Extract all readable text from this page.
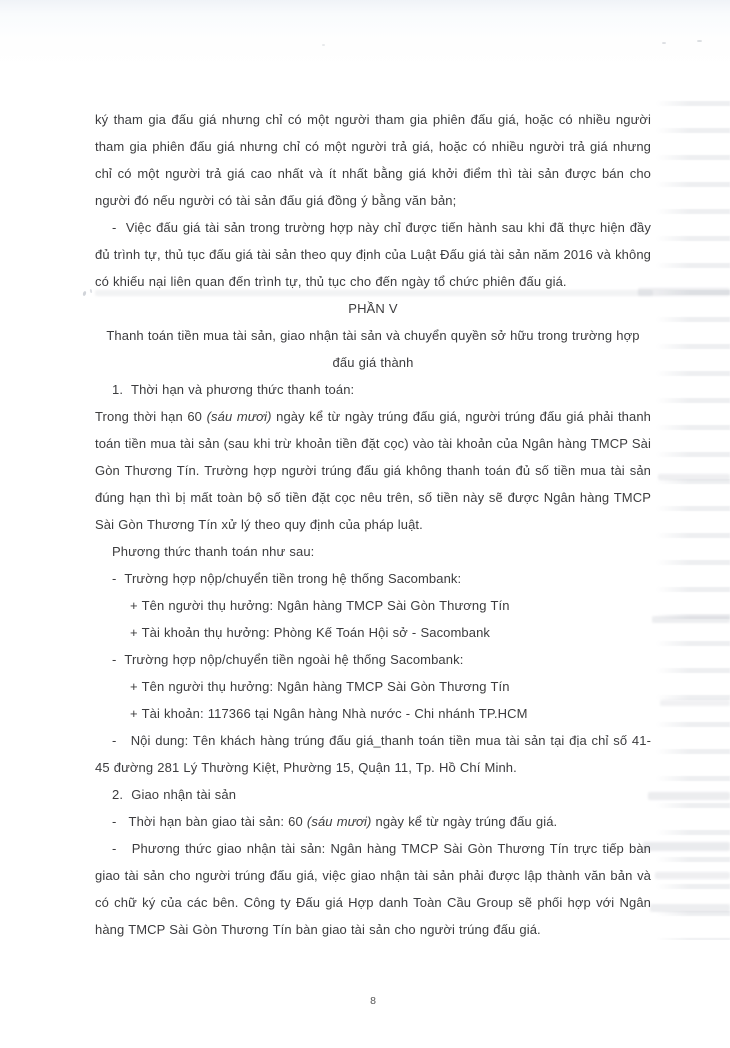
ký tham gia đấu giá nhưng chỉ có một người tham gia phiên đấu giá, hoặc có nhiều người tham gia phiên đấu giá nhưng chỉ có một người trả giá, hoặc có nhiều người trả giá nhưng chỉ có một người trả giá cao nhất và ít nhất bằng giá khởi điểm thì tài sản được bán cho người đó nếu người có tài sản đấu giá đồng ý bằng văn bản;

-  Việc đấu giá tài sản trong trường hợp này chỉ được tiến hành sau khi đã thực hiện đầy đủ trình tự, thủ tục đấu giá tài sản theo quy định của Luật Đấu giá tài sản năm 2016 và không có khiếu nại liên quan đến trình tự, thủ tục cho đến ngày tổ chức phiên đấu giá.

PHẦN V

Thanh toán tiền mua tài sản, giao nhận tài sản và chuyển quyền sở hữu trong trường hợp

đấu giá thành

1.  Thời hạn và phương thức thanh toán:

Trong thời hạn 60 (sáu mươi) ngày kể từ ngày trúng đấu giá, người trúng đấu giá phải thanh toán tiền mua tài sản (sau khi trừ khoản tiền đặt cọc) vào tài khoản của Ngân hàng TMCP Sài Gòn Thương Tín. Trường hợp người trúng đấu giá không thanh toán đủ số tiền mua tài sản đúng hạn thì bị mất toàn bộ số tiền đặt cọc nêu trên, số tiền này sẽ được Ngân hàng TMCP Sài Gòn Thương Tín xử lý theo quy định của pháp luật.

Phương thức thanh toán như sau:

-  Trường hợp nộp/chuyển tiền trong hệ thống Sacombank:

+ Tên người thụ hưởng: Ngân hàng TMCP Sài Gòn Thương Tín

+ Tài khoản thụ hưởng: Phòng Kế Toán Hội sở - Sacombank

-  Trường hợp nộp/chuyển tiền ngoài hệ thống Sacombank:

+ Tên người thụ hưởng: Ngân hàng TMCP Sài Gòn Thương Tín

+ Tài khoản: 117366 tại Ngân hàng Nhà nước - Chi nhánh TP.HCM

-   Nội dung: Tên khách hàng trúng đấu giá_thanh toán tiền mua tài sản tại địa chỉ số 41-45 đường 281 Lý Thường Kiệt, Phường 15, Quận 11, Tp. Hồ Chí Minh.

2.  Giao nhận tài sản

-   Thời hạn bàn giao tài sản: 60 (sáu mươi) ngày kể từ ngày trúng đấu giá.

-   Phương thức giao nhận tài sản: Ngân hàng TMCP Sài Gòn Thương Tín trực tiếp bàn giao tài sản cho người trúng đấu giá, việc giao nhận tài sản phải được lập thành văn bản và có chữ ký của các bên. Công ty Đấu giá Hợp danh Toàn Cầu Group sẽ phối hợp với Ngân hàng TMCP Sài Gòn Thương Tín bàn giao tài sản cho người trúng đấu giá.

8
